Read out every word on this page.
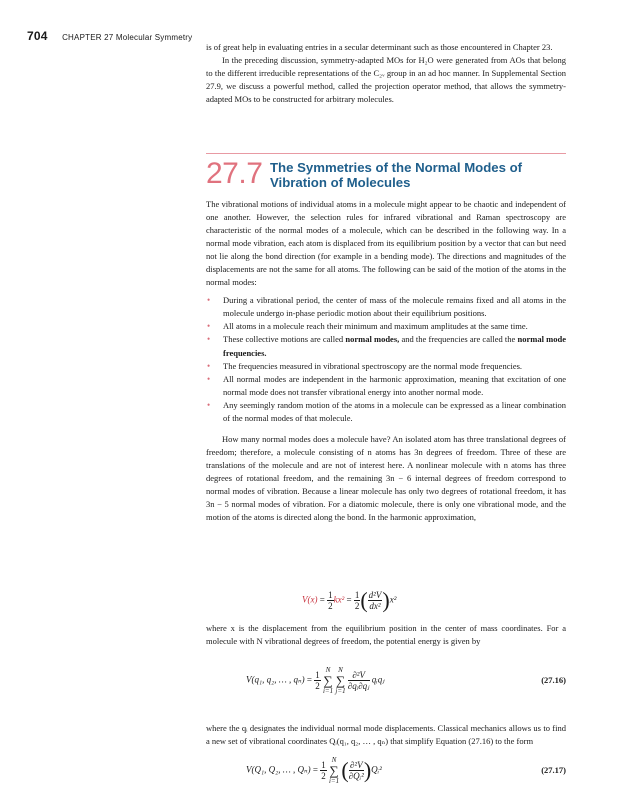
704 CHAPTER 27 Molecular Symmetry

is of great help in evaluating entries in a secular determinant such as those encountered in Chapter 23.

In the preceding discussion, symmetry-adapted MOs for H₂O were generated from AOs that belong to the different irreducible representations of the C₂ᵥ group in an ad hoc manner. In Supplemental Section 27.9, we discuss a powerful method, called the projection operator method, that allows the symmetry-adapted MOs to be constructed for arbitrary molecules.

27.7 The Symmetries of the Normal Modes of Vibration of Molecules

The vibrational motions of individual atoms in a molecule might appear to be chaotic and independent of one another. However, the selection rules for infrared vibrational and Raman spectroscopy are characteristic of the normal modes of a molecule, which can be described in the following way. In a normal mode vibration, each atom is displaced from its equilibrium position by a vector that can but need not lie along the bond direction (for example in a bending mode). The directions and magnitudes of the displacements are not the same for all atoms. The following can be said of the motion of the atoms in the normal modes:

• During a vibrational period, the center of mass of the molecule remains fixed and all atoms in the molecule undergo in-phase periodic motion about their equilibrium positions.
• All atoms in a molecule reach their minimum and maximum amplitudes at the same time.
• These collective motions are called normal modes, and the frequencies are called the normal mode frequencies.
• The frequencies measured in vibrational spectroscopy are the normal mode frequencies.
• All normal modes are independent in the harmonic approximation, meaning that excitation of one normal mode does not transfer vibrational energy into another normal mode.
• Any seemingly random motion of the atoms in a molecule can be expressed as a linear combination of the normal modes of that molecule.

How many normal modes does a molecule have? An isolated atom has three translational degrees of freedom; therefore, a molecule consisting of n atoms has 3n degrees of freedom. Three of these are translations of the molecule and are not of interest here. A nonlinear molecule with n atoms has three degrees of rotational freedom, and the remaining 3n − 6 internal degrees of freedom correspond to normal modes of vibration. Because a linear molecule has only two degrees of rotational freedom, it has 3n − 5 normal modes of vibration. For a diatomic molecule, there is only one vibrational mode, and the motion of the atoms is directed along the bond. In the harmonic approximation,

$V(x) = \frac{1}{2} kx^2 = \frac{1}{2}$ ( $\frac{\text{d²V}}{\text{dx²}} )x^2$

where x is the displacement from the equilibrium position in the center of mass coordinates. For a molecule with N vibrational degrees of freedom, the potential energy is given by

V(q₁, q₂, … , $q_n) = \frac{1}{2}$ N
∑
i=1 N
∑
$j=1 \frac{\text{∂²V}}{\text{∂qᵢ∂qⱼ}}$ qᵢqⱼ	(27.16)

where the qᵢ designates the individual normal mode displacements. Classical mechanics allows us to find a new set of vibrational coordinates Qᵢ(q₁, q₂, … , qₙ) that simplify Equation (27.16) to the form

V(Q₁, Q₂, … , $Q_n) = \frac{1}{2}$ N
∑
i=1 ( $\frac{\text{∂²V}}{\text{∂Qᵢ²}}$ )Qᵢ²	(27.17)
